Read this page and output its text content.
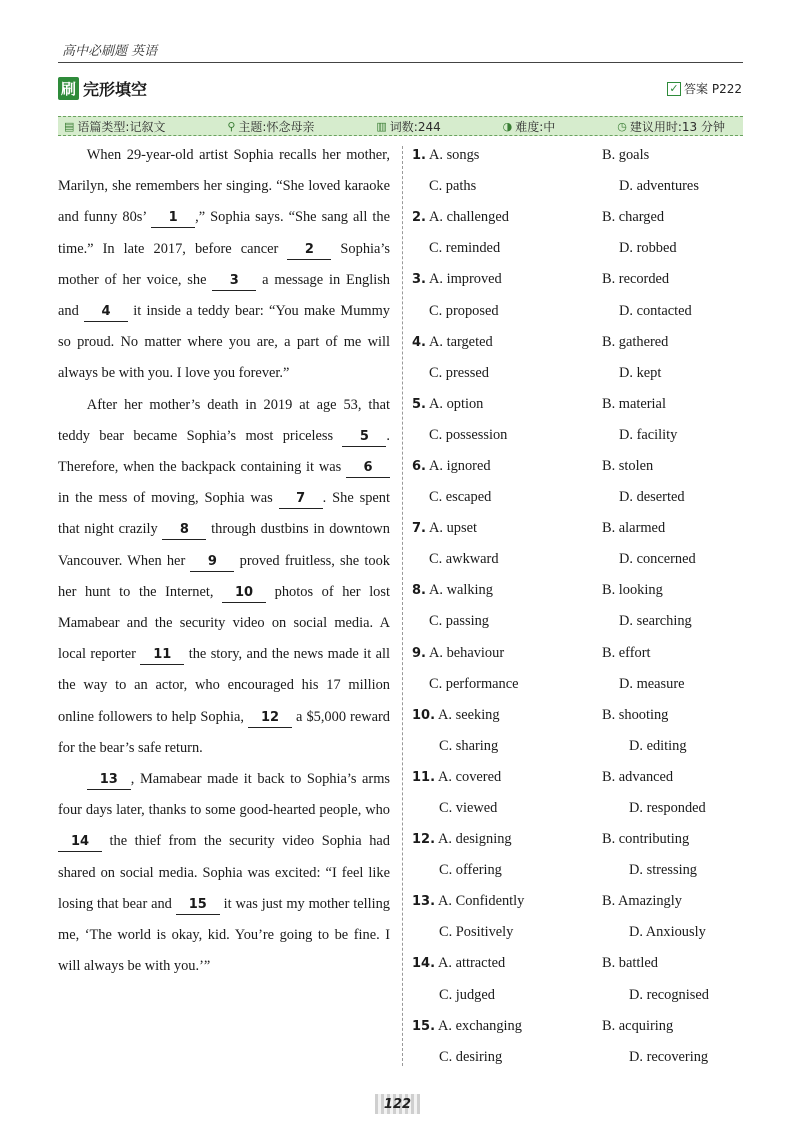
高中必刷题 英语
刷 完形填空	✓ 答案 P222
▤ 语篇类型:记叙文	⚲ 主题:怀念母亲	▥ 词数:244	◑ 难度:中	◷ 建议用时:13 分钟

When 29-year-old artist Sophia recalls her mother, Marilyn, she remembers her singing. “She loved karaoke and funny 80s’ 1 ,” Sophia says. “She sang all the time.” In late 2017, before cancer 2 Sophia’s mother of her voice, she 3 a message in English and 4 it inside a teddy bear: “You make Mummy so proud. No matter where you are, a part of me will always be with you. I love you forever.”

After her mother’s death in 2019 at age 53, that teddy bear became Sophia’s most priceless 5 . Therefore, when the backpack containing it was 6 in the mess of moving, Sophia was 7 . She spent that night crazily 8 through dustbins in downtown Vancouver. When her 9 proved fruitless, she took her hunt to the Internet, 10 photos of her lost Mamabear and the security video on social media. A local reporter 11 the story, and the news made it all the way to an actor, who encouraged his 17 million online followers to help Sophia, 12 a $5,000 reward for the bear’s safe return.

13 , Mamabear made it back to Sophia’s arms four days later, thanks to some good-hearted people, who 14 the thief from the security video Sophia had shared on social media. Sophia was excited: “I feel like losing that bear and 15 it was just my mother telling me, ‘The world is okay, kid. You’re going to be fine. I will always be with you.’”

1. A. songs	B. goals
C. paths	D. adventures
2. A. challenged	B. charged
C. reminded	D. robbed
3. A. improved	B. recorded
C. proposed	D. contacted
4. A. targeted	B. gathered
C. pressed	D. kept
5. A. option	B. material
C. possession	D. facility
6. A. ignored	B. stolen
C. escaped	D. deserted
7. A. upset	B. alarmed
C. awkward	D. concerned
8. A. walking	B. looking
C. passing	D. searching
9. A. behaviour	B. effort
C. performance	D. measure
10. A. seeking	B. shooting
C. sharing	D. editing
11. A. covered	B. advanced
C. viewed	D. responded
12. A. designing	B. contributing
C. offering	D. stressing
13. A. Confidently	B. Amazingly
C. Positively	D. Anxiously
14. A. attracted	B. battled
C. judged	D. recognised
15. A. exchanging	B. acquiring
C. desiring	D. recovering
122
